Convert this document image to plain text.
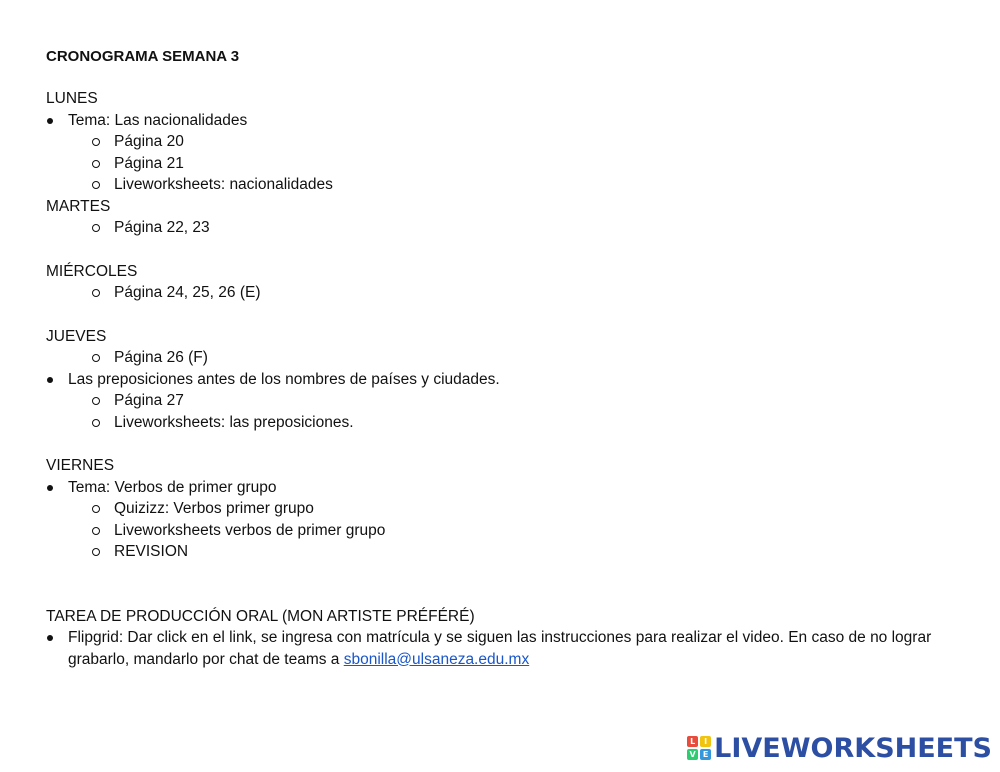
CRONOGRAMA SEMANA 3

LUNES

Tema: Las nacionalidades
Página 20
Página 21
Liveworksheets: nacionalidades

MARTES

Página 22, 23

MIÉRCOLES

Página 24, 25, 26 (E)

JUEVES

Página 26 (F)
Las preposiciones antes de los nombres de países y ciudades.
Página 27
Liveworksheets: las preposiciones.

VIERNES

Tema: Verbos de primer grupo
Quizizz: Verbos primer grupo
Liveworksheets verbos de primer grupo
REVISION

TAREA DE PRODUCCIÓN ORAL (MON ARTISTE PRÉFÉRÉ)

Flipgrid: Dar click en el link, se ingresa con matrícula y se siguen las instrucciones para realizar el video. En caso de no lograr grabarlo, mandarlo por chat de teams a sbonilla@ulsaneza.edu.mx
L	I
V E LIVEWORKSHEETS
